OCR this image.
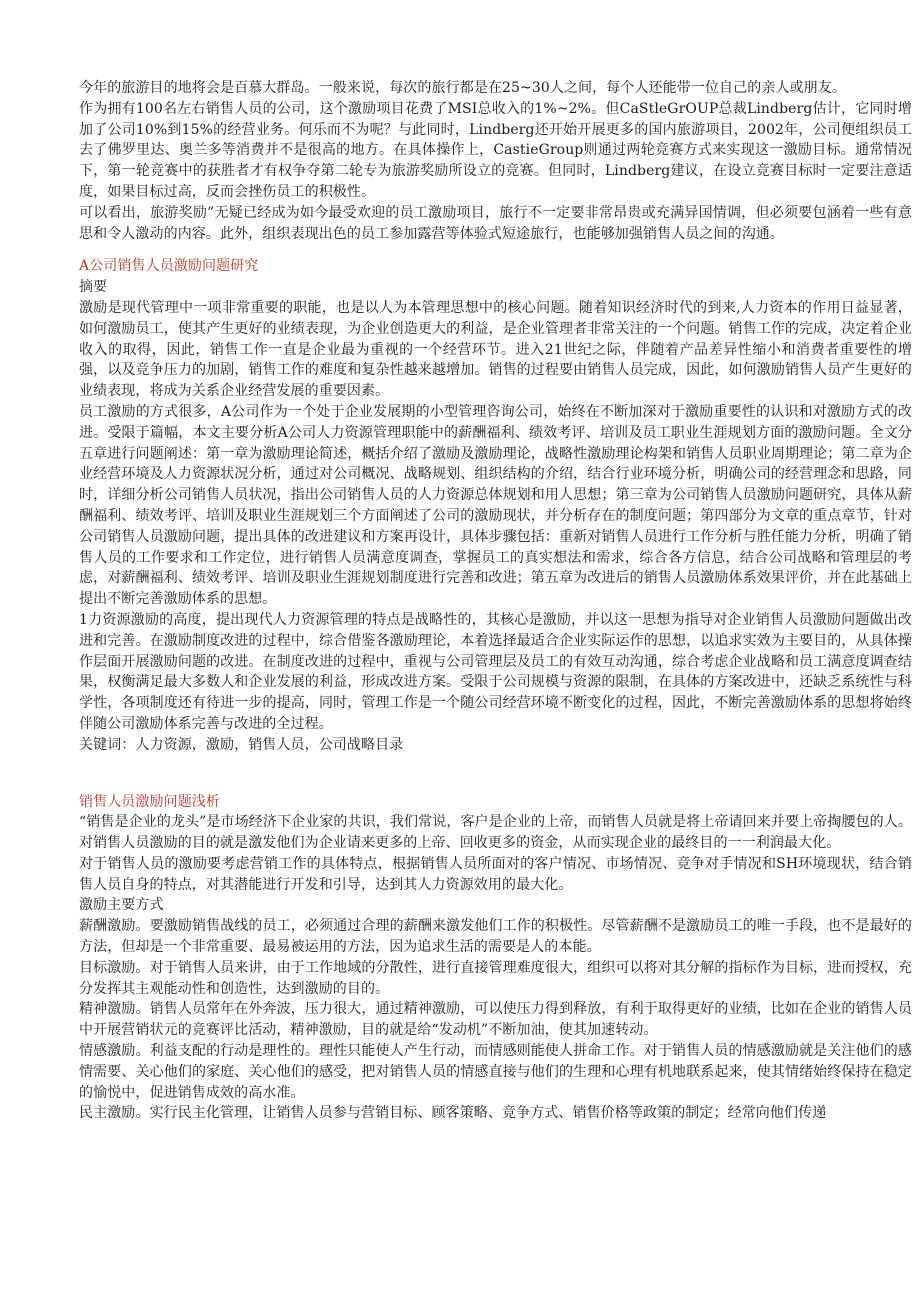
今年的旅游目的地将会是百慕大群岛。一般来说，每次的旅行都是在25~30人之间，每个人还能带一位自己的亲人或朋友。

作为拥有100名左右销售人员的公司，这个激励项目花费了MSI总收入的1%~2%。但CaStleGrOUP总裁Lindberg估计，它同时增加了公司10%到15%的经营业务。何乐而不为呢？与此同时，Lindberg还开始开展更多的国内旅游项目，2002年，公司便组织员工去了佛罗里达、奥兰多等消费并不是很高的地方。在具体操作上，CastieGroup则通过两轮竞赛方式来实现这一激励目标。通常情况下，第一轮竞赛中的获胜者才有权争夺第二轮专为旅游奖励所设立的竞赛。但同时，Lindberg建议，在设立竞赛目标时一定要注意适度，如果目标过高，反而会挫伤员工的积极性。

可以看出，旅游奖励”无疑已经成为如今最受欢迎的员工激励项目，旅行不一定要非常昂贵或充满异国情调，但必须要包涵着一些有意思和令人激动的内容。此外，组织表现出色的员工参加露营等体验式短途旅行，也能够加强销售人员之间的沟通。

A公司销售人员激励问题研究

摘要

激励是现代管理中一项非常重要的职能，也是以人为本管理思想中的核心问题。随着知识经济时代的到来,人力资本的作用日益显著，如何激励员工，使其产生更好的业绩表现，为企业创造更大的利益，是企业管理者非常关注的一个问题。销售工作的完成，决定着企业收入的取得，因此，销售工作一直是企业最为重视的一个经营环节。进入21世纪之际，伴随着产品差异性缩小和消费者重要性的增强，以及竞争压力的加剧，销售工作的难度和复杂性越来越增加。销售的过程要由销售人员完成，因此，如何激励销售人员产生更好的业绩表现，将成为关系企业经营发展的重要因素。

员工激励的方式很多，A公司作为一个处于企业发展期的小型管理咨询公司，始终在不断加深对于激励重要性的认识和对激励方式的改进。受限于篇幅，本文主要分析A公司人力资源管理职能中的薪酬福利、绩效考评、培训及员工职业生涯规划方面的激励问题。全文分五章进行问题阐述：第一章为激励理论简述，概括介绍了激励及激励理论，战略性激励理论构架和销售人员职业周期理论；第二章为企业经营环境及人力资源状况分析，通过对公司概况、战略规划、组织结构的介绍，结合行业环境分析，明确公司的经营理念和思路，同时，详细分析公司销售人员状况，指出公司销售人员的人力资源总体规划和用人思想；第三章为公司销售人员激励问题研究，具体从薪酬福利、绩效考评、培训及职业生涯规划三个方面阐述了公司的激励现状，并分析存在的制度问题；第四部分为文章的重点章节，针对公司销售人员激励问题，提出具体的改进建议和方案再设计，具体步骤包括：重新对销售人员进行工作分析与胜任能力分析，明确了销售人员的工作要求和工作定位，进行销售人员满意度调查，掌握员工的真实想法和需求，综合各方信息，结合公司战略和管理层的考虑，对薪酬福利、绩效考评、培训及职业生涯规划制度进行完善和改进；第五章为改进后的销售人员激励体系效果评价，并在此基础上提出不断完善激励体系的思想。

1力资源激励的高度，提出现代人力资源管理的特点是战略性的，其核心是激励，并以这一思想为指导对企业销售人员激励问题做出改进和完善。在激励制度改进的过程中，综合借鉴各激励理论，本着选择最适合企业实际运作的思想，以追求实效为主要目的，从具体操作层面开展激励问题的改进。在制度改进的过程中，重视与公司管理层及员工的有效互动沟通，综合考虑企业战略和员工满意度调查结果，权衡满足最大多数人和企业发展的利益，形成改进方案。受限于公司规模与资源的限制，在具体的方案改进中，还缺乏系统性与科学性，各项制度还有待进一步的提高，同时，管理工作是一个随公司经营环境不断变化的过程，因此，不断完善激励体系的思想将始终伴随公司激励体系完善与改进的全过程。

关键词：人力资源，激励，销售人员，公司战略目录

销售人员激励问题浅析

“销售是企业的龙头”是市场经济下企业家的共识，我们常说，客户是企业的上帝，而销售人员就是将上帝请回来并要上帝掏腰包的人。对销售人员激励的目的就是激发他们为企业请来更多的上帝、回收更多的资金，从而实现企业的最终目的一一利润最大化。

对于销售人员的激励要考虑营销工作的具体特点，根据销售人员所面对的客户情况、市场情况、竞争对手情况和SH环境现状，结合销售人员自身的特点，对其潜能进行开发和引导，达到其人力资源效用的最大化。

激励主要方式

薪酬激励。要激励销售战线的员工，必须通过合理的薪酬来激发他们工作的积极性。尽管薪酬不是激励员工的唯一手段，也不是最好的方法，但却是一个非常重要、最易被运用的方法，因为追求生活的需要是人的本能。

目标激励。对于销售人员来讲，由于工作地域的分散性，进行直接管理难度很大，组织可以将对其分解的指标作为目标，进而授权，充分发挥其主观能动性和创造性，达到激励的目的。

精神激励。销售人员常年在外奔波，压力很大，通过精神激励，可以使压力得到释放，有利于取得更好的业绩，比如在企业的销售人员中开展营销状元的竞赛评比活动，精神激励，目的就是给“发动机”不断加油，使其加速转动。

情感激励。利益支配的行动是理性的。理性只能使人产生行动，而情感则能使人拼命工作。对于销售人员的情感激励就是关注他们的感情需要、关心他们的家庭、关心他们的感受，把对销售人员的情感直接与他们的生理和心理有机地联系起来，使其情绪始终保持在稳定的愉悦中，促进销售成效的高水准。

民主激励。实行民主化管理，让销售人员参与营销目标、顾客策略、竞争方式、销售价格等政策的制定；经常向他们传递
